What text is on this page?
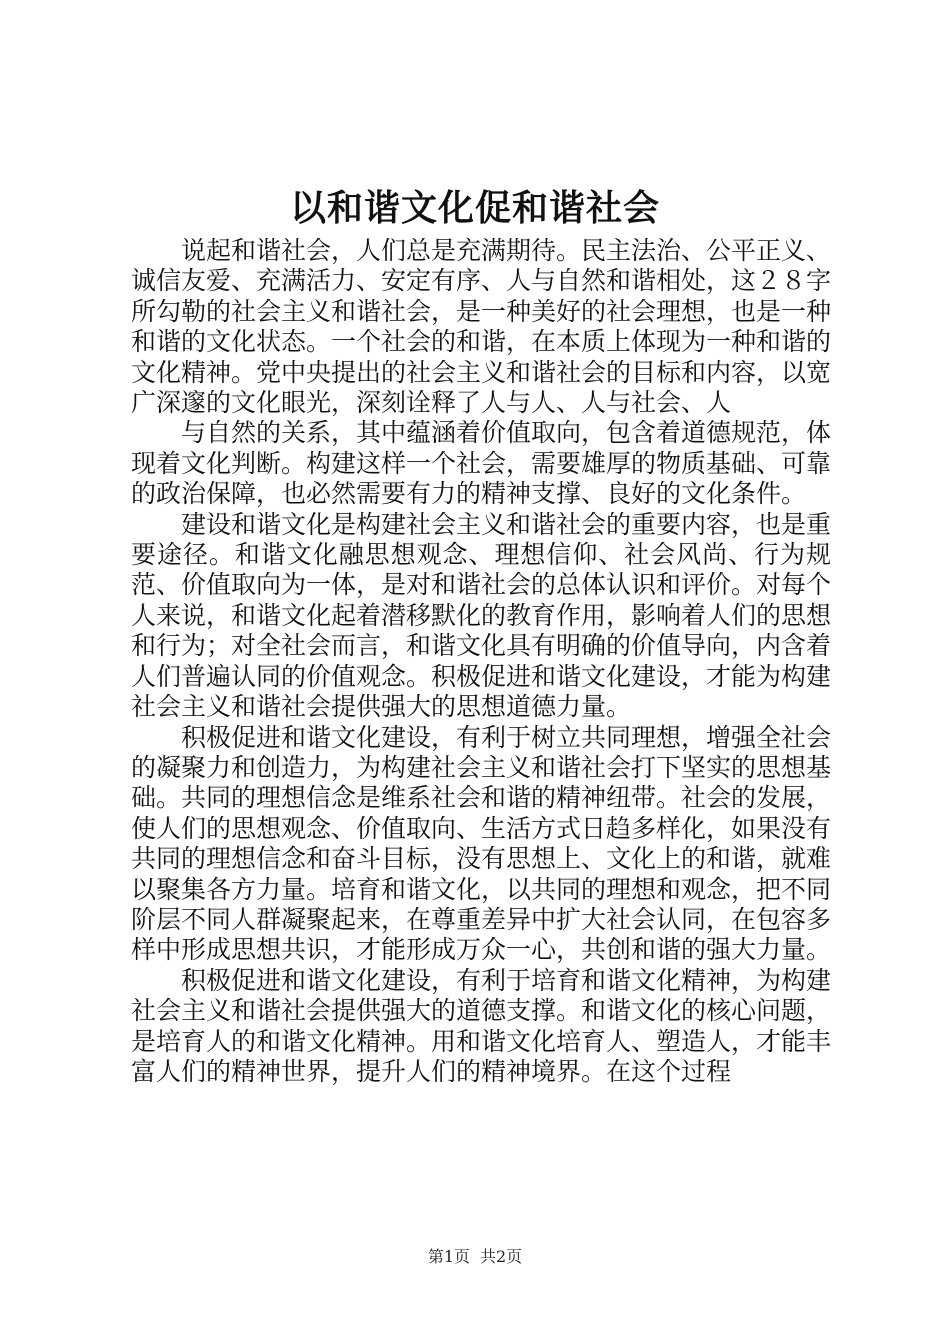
以和谐文化促和谐社会

说起和谐社会，人们总是充满期待。民主法治、公平正义、诚信友爱、充满活力、安定有序、人与自然和谐相处，这２８字所勾勒的社会主义和谐社会，是一种美好的社会理想，也是一种和谐的文化状态。一个社会的和谐，在本质上体现为一种和谐的文化精神。党中央提出的社会主义和谐社会的目标和内容，以宽广深邃的文化眼光，深刻诠释了人与人、人与社会、人

与自然的关系，其中蕴涵着价值取向，包含着道德规范，体现着文化判断。构建这样一个社会，需要雄厚的物质基础、可靠的政治保障，也必然需要有力的精神支撑、良好的文化条件。

建设和谐文化是构建社会主义和谐社会的重要内容，也是重要途径。和谐文化融思想观念、理想信仰、社会风尚、行为规范、价值取向为一体，是对和谐社会的总体认识和评价。对每个人来说，和谐文化起着潜移默化的教育作用，影响着人们的思想和行为；对全社会而言，和谐文化具有明确的价值导向，内含着人们普遍认同的价值观念。积极促进和谐文化建设，才能为构建社会主义和谐社会提供强大的思想道德力量。

积极促进和谐文化建设，有利于树立共同理想，增强全社会的凝聚力和创造力，为构建社会主义和谐社会打下坚实的思想基础。共同的理想信念是维系社会和谐的精神纽带。社会的发展，使人们的思想观念、价值取向、生活方式日趋多样化，如果没有共同的理想信念和奋斗目标，没有思想上、文化上的和谐，就难以聚集各方力量。培育和谐文化，以共同的理想和观念，把不同阶层不同人群凝聚起来，在尊重差异中扩大社会认同，在包容多样中形成思想共识，才能形成万众一心，共创和谐的强大力量。

积极促进和谐文化建设，有利于培育和谐文化精神，为构建社会主义和谐社会提供强大的道德支撑。和谐文化的核心问题，是培育人的和谐文化精神。用和谐文化培育人、塑造人，才能丰富人们的精神世界，提升人们的精神境界。在这个过程

第1页 共2页
